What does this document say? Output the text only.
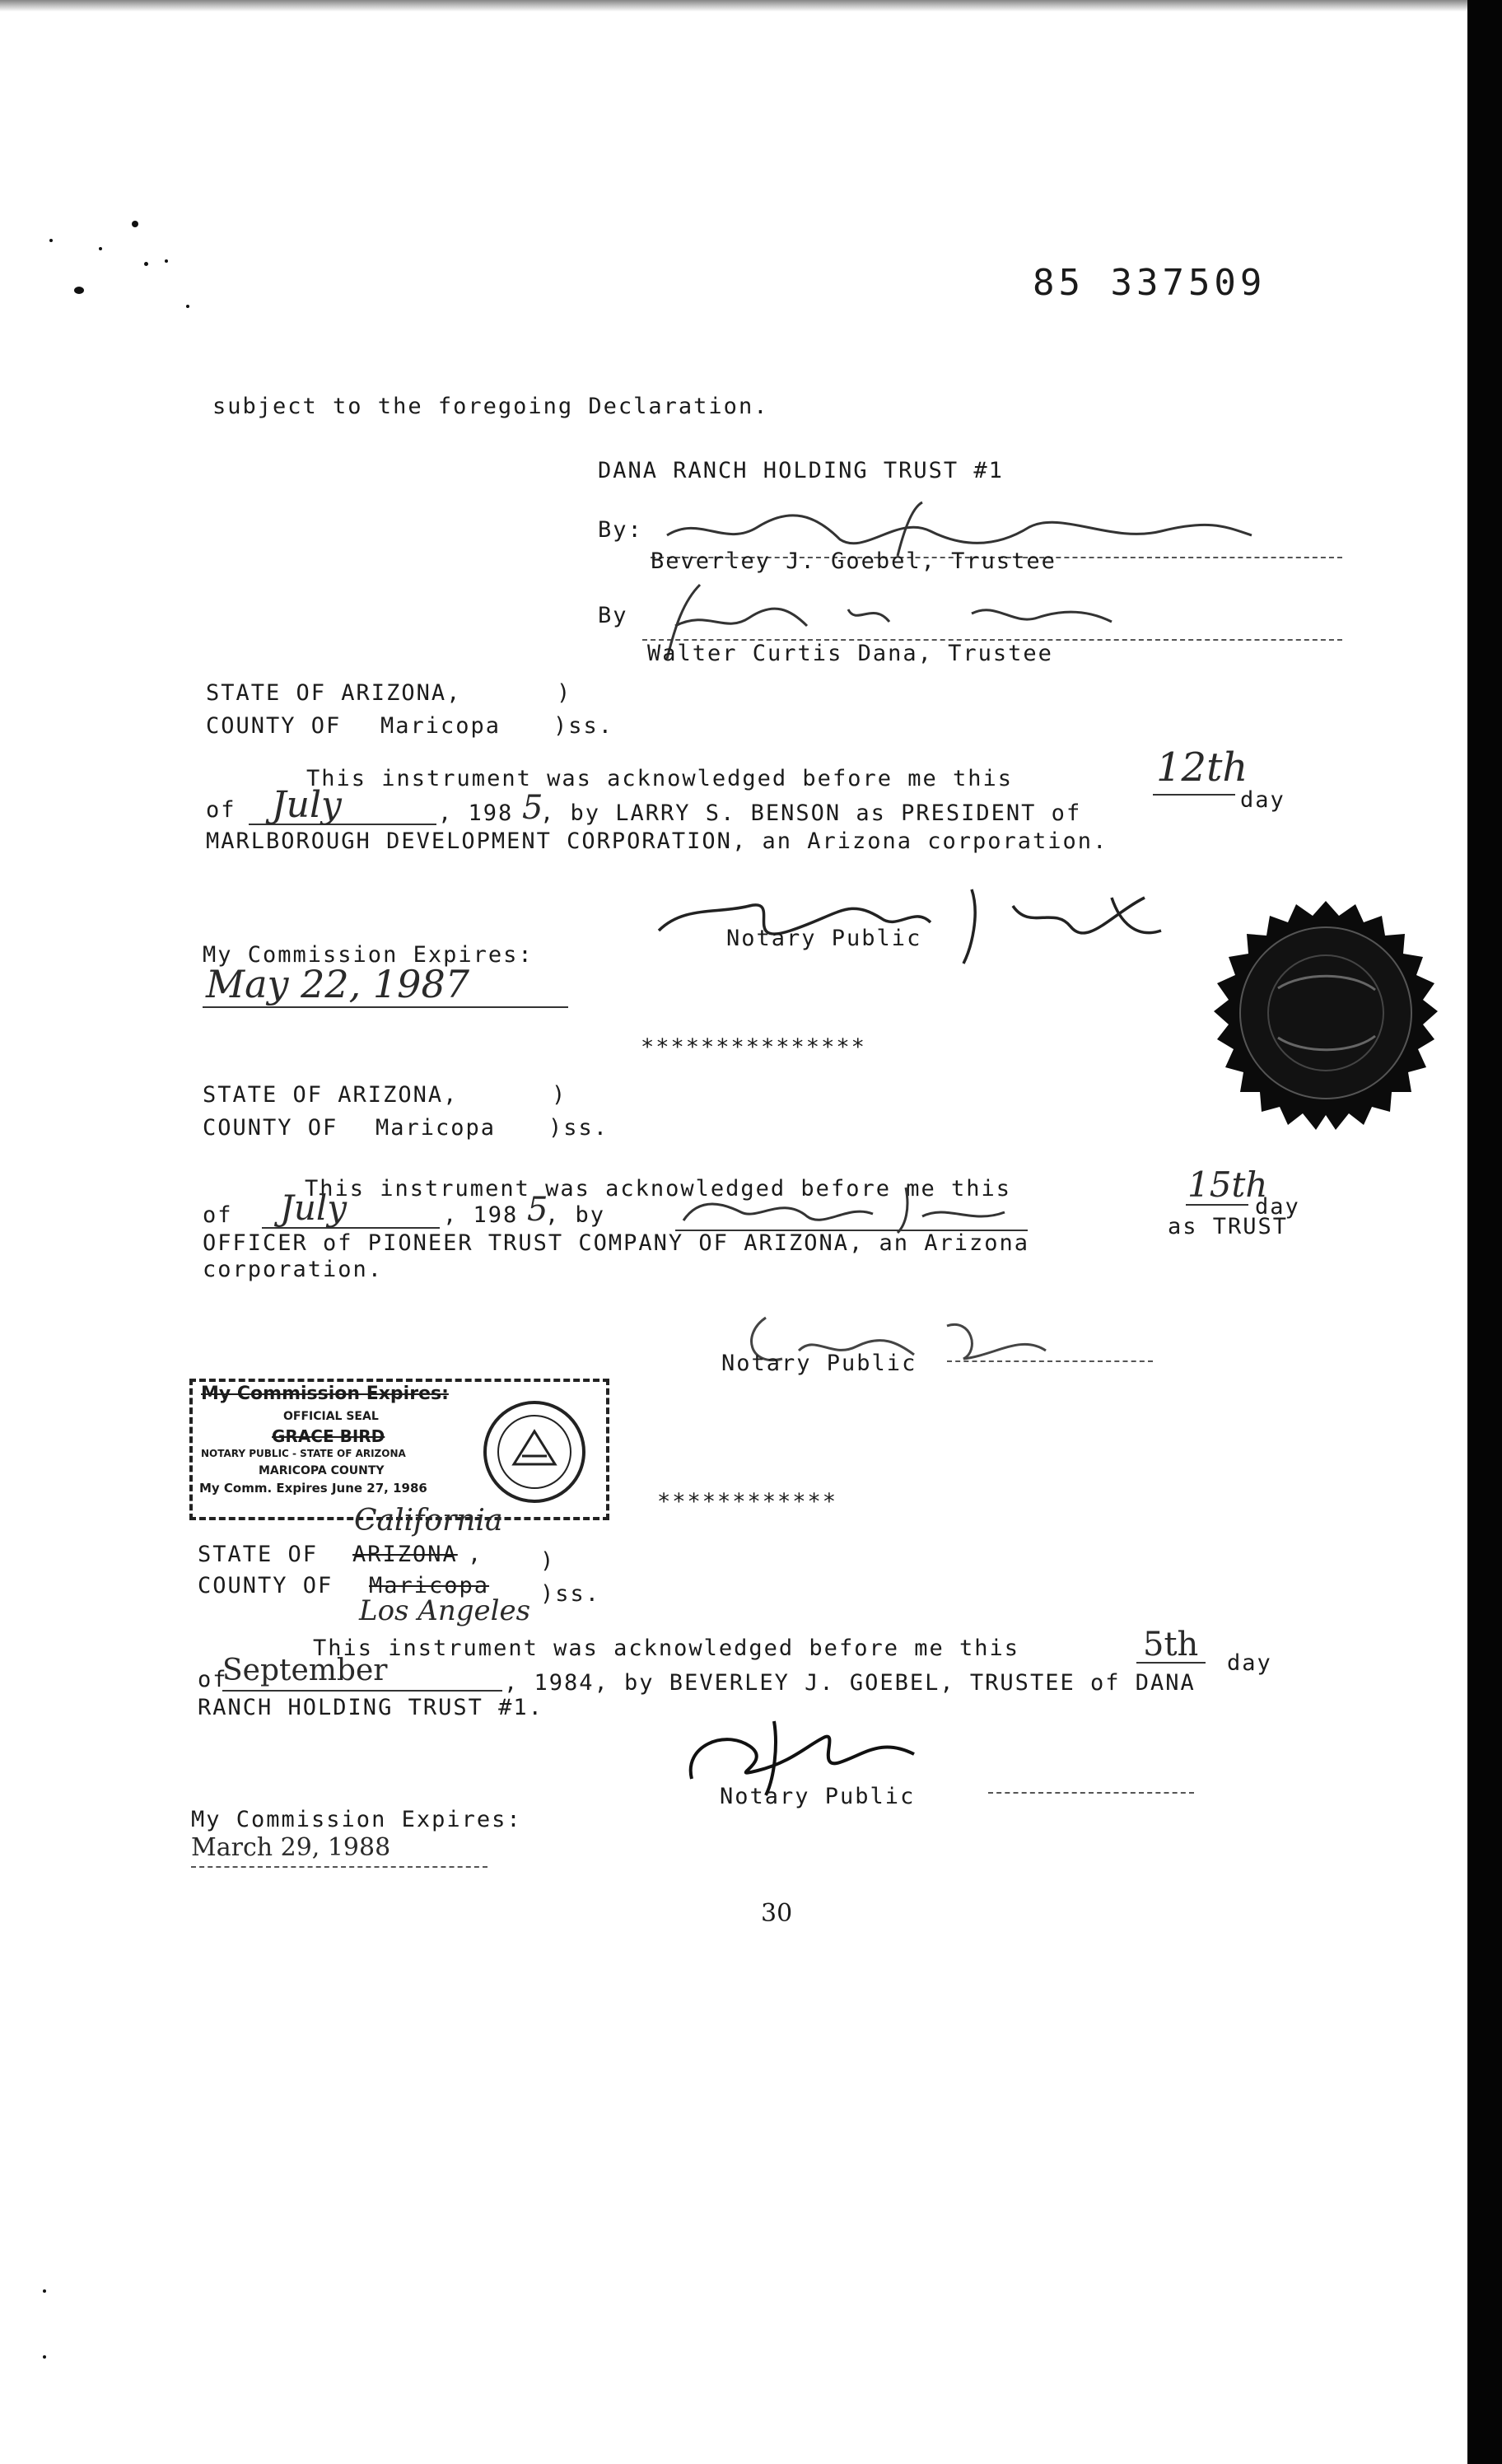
85 337509
subject to the foregoing Declaration.
DANA RANCH HOLDING TRUST #1
By:
Beverley J. Goebel, Trustee
By
Walter Curtis Dana, Trustee
STATE OF ARIZONA,	)
COUNTY OF Maricopa )ss.
This instrument was acknowledged before me this	12th
day
of July	, 198 5
, by LARRY S. BENSON as PRESIDENT of
MARLBOROUGH DEVELOPMENT CORPORATION, an Arizona corporation.
Notary Public
My Commission Expires:
May 22, 1987
***************
STATE OF ARIZONA,	)
COUNTY OF Maricopa )ss.
This instrument was acknowledged before me this	15th
day
of July	, 198 5
, by	as TRUST
OFFICER of PIONEER TRUST COMPANY OF ARIZONA, an Arizona
corporation.
Notary Public
My Commission Expires:
OFFICIAL SEAL
GRACE BIRD
NOTARY PUBLIC - STATE OF ARIZONA
MARICOPA COUNTY
My Comm. Expires June 27, 1986
************
California
STATE OF ARIZONA ,	)
COUNTY OF Maricopa
Los Angeles
)ss.
This instrument was acknowledged before me this	5th day
of
September	, 1984, by BEVERLEY J. GOEBEL, TRUSTEE of DANA
RANCH HOLDING TRUST #1.
Notary Public
My Commission Expires:
March 29, 1988
30
